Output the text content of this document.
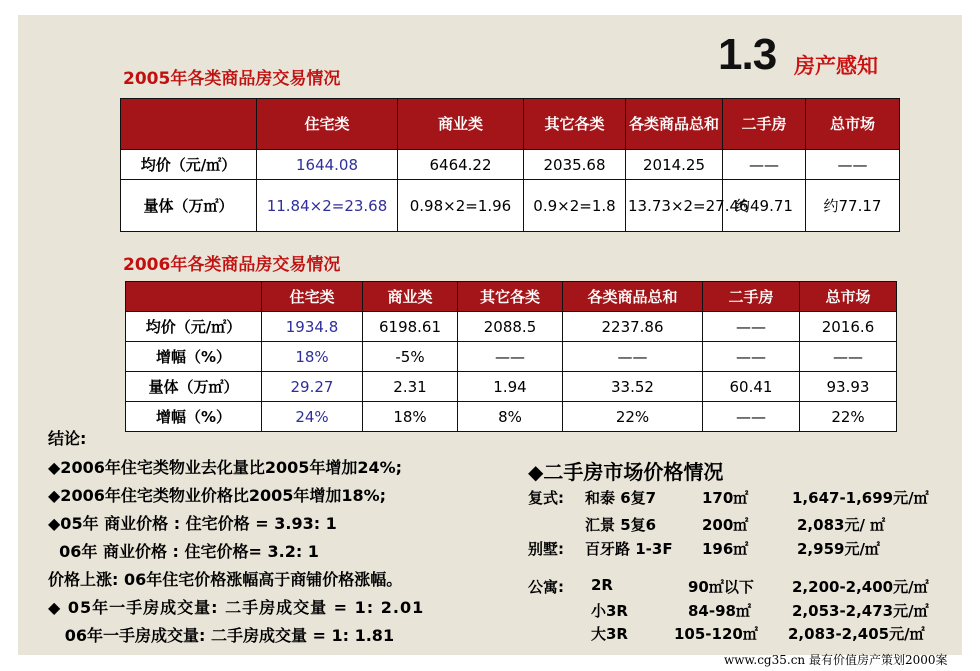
1.3 房产感知
2005年各类商品房交易情况
	住宅类	商业类	其它各类	各类商品总和	二手房	总市场
均价（元/㎡）	1644.08	6464.22	2035.68	2014.25	——	——
量体（万㎡）	11.84×2=23.68	0.98×2=1.96	0.9×2=1.8	13.73×2=27.46	约49.71	约77.17
2006年各类商品房交易情况
	住宅类	商业类	其它各类	各类商品总和	二手房	总市场
均价（元/㎡）	1934.8	6198.61	2088.5	2237.86	——	2016.6
增幅（%）	18%	-5%	——	——	——	——
量体（万㎡）	29.27	2.31	1.94	33.52	60.41	93.93
增幅（%）	24%	18%	8%	22%	——	22%
结论:
◆2006年住宅类物业去化量比2005年增加24%;
◆2006年住宅类物业价格比2005年增加18%;
◆05年 商业价格 : 住宅价格 = 3.93: 1
06年 商业价格 : 住宅价格= 3.2: 1
价格上涨: 06年住宅价格涨幅高于商铺价格涨幅。
◆ 05年一手房成交量: 二手房成交量 = 1: 2.01
06年一手房成交量: 二手房成交量 = 1: 1.81
◆二手房市场价格情况
复式: 和泰 6复7	170㎡	1,647-1,699元/㎡
汇景 5复6	200㎡	2,083元/ ㎡
别墅: 百牙路 1-3F 196㎡	2,959元/㎡
公寓: 2R	90㎡以下	2,200-2,400元/㎡
小3R	84-98㎡	2,053-2,473元/㎡
大3R	105-120㎡ 2,083-2,405元/㎡
www.cg35.cn 最有价值房产策划2000案
